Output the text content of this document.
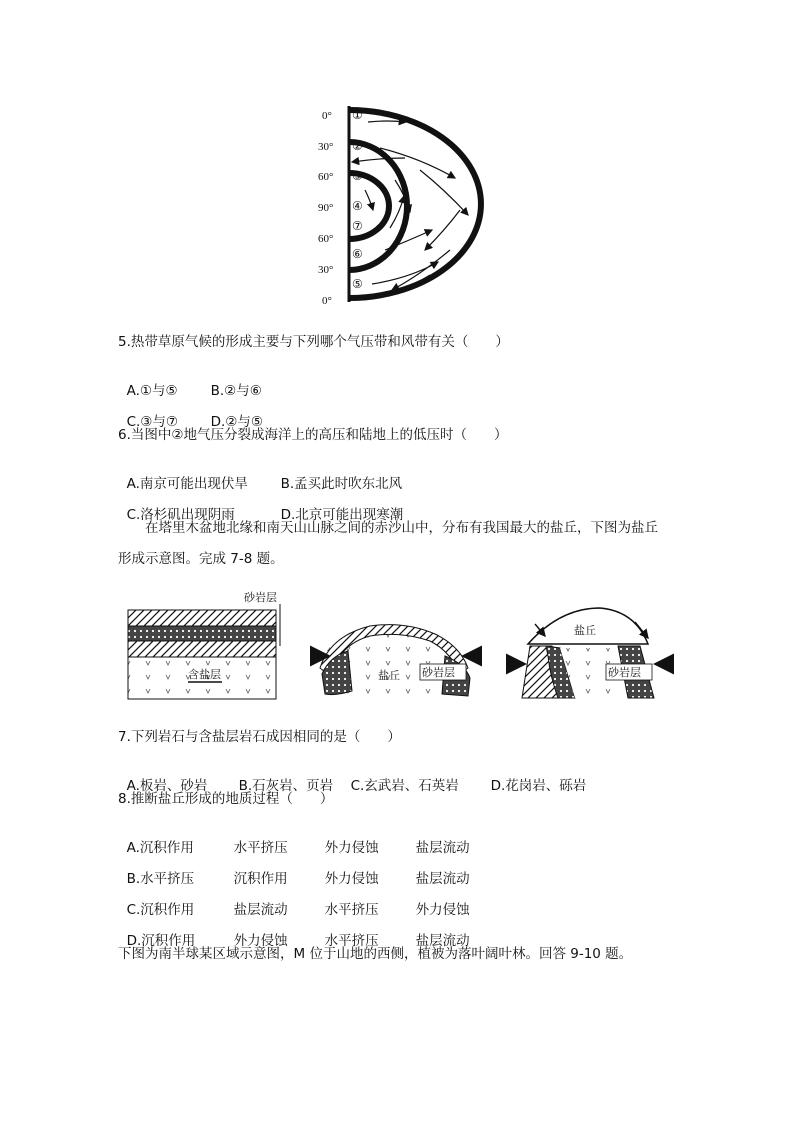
0°
30°
60°
90°
60°
30°
0°
①
②
③
④
⑤
⑥
⑦
5.热带草原气候的形成主要与下列哪个气压带和风带有关（　　）

A.①与⑤ B.②与⑥

C.③与⑦ D.②与⑤

6.当图中②地气压分裂成海洋上的高压和陆地上的低压时（　　）

A.南京可能出现伏旱 B.孟买此时吹东北风

C.洛杉矶出现阴雨	D.北京可能出现寒潮

　　在塔里木盆地北缘和南天山山脉之间的赤沙山中，分布有我国最大的盐丘，下图为盐丘
形成示意图。完成 7-8 题。
砂岩层
含盐层	盐丘 砂岩层
盐丘
砂岩层
7.下列岩石与含盐层岩石成因相同的是（　　）

A.板岩、砂岩 B.石灰岩、页岩 C.玄武岩、石英岩 D.花岗岩、砾岩

8.推断盐丘形成的地质过程（　　）

A.沉积作用	水平挤压	外力侵蚀	盐层流动

B.水平挤压	沉积作用	外力侵蚀	盐层流动

C.沉积作用	盐层流动	水平挤压	外力侵蚀

D.沉积作用	外力侵蚀	水平挤压	盐层流动

下图为南半球某区域示意图，M 位于山地的西侧，植被为落叶阔叶林。回答 9-10 题。
